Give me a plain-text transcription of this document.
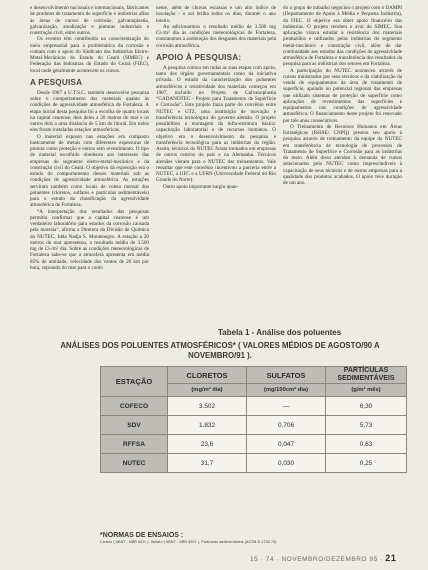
e desenvolvimento nacionais e internacionais, fabricantes de produtos de tratamento de superfície e indústrias afins às áreas de cursos de corrosão, galvanoplastia, galvanização, anodização e pinturas industriais e construção civil, entre outros.

Os eventos têm contribuído na conscientização do meio empresarial para a problemática da corrosão e contam com o apoio do Sindicato das Indústrias Eletro-Metal-Mecânicas do Estado do Ceará (SIMEC) e Federação das Indústrias do Estado do Ceará (FIEC), local onde geralmente acontecem os cursos.

A PESQUISA

Desde 1987 a U.T.S.C. também desenvolve pesquisa sobre o comportamento dos materiais quanto às condições de agressividade atmosférica de Fortaleza. A etapa inicial desta pesquisa foi a escolha de quatro locais na capital cearense, dois deles a 20 metros do mar e os outros dois a uma distância de 5 km do litoral. Em todos eles foram instaladas estações atmosféricas.

O material exposto nas estações era composto basicamente de metais com diferentes espessuras de pintura como proteção e outros sem revestimento. O tipo de material escolhido obedeceu aos interesses das empresas do segmento eletro-metal-mecânico e da construção civil do Ceará. O objetivo da exposição era o estudo do comportamento desses materiais sob as condições de agressividade atmosférica. As estações serviram também como locais de coleta mensal dos poluentes (cloretos, sulfatos e partículas sedimentáveis) para o estudo da classificação da agressividade atmosférica de Fortaleza.

“A interpretação dos resultados das pesquisas permitiu confirmar que a capital cearense é um verdadeiro laboratório para estudos da corrosão causada pela maresia”, afirma a Diretora da Divisão de Química do NUTEC, Idda Nadja S. Montenegro. A estação a 20 metros do mar apresentou, o resultado médio de 3.500 mg de Cl-/m² dia. Sobre as condições meteorológicas de Fortaleza sabe-se que a atmosfera apresenta em média 85% de umidade, velocidade dos ventos de 20 km por hora, soprando do mar para o conti-

nente, além de chuvas escassas e um alto índice de insolação - o sol brilha todos os dias, durante o ano inteiro.

Ao adicionarmos o resultado médio de 3.500 mg Cl-/m² dia às condições meteorológicas de Fortaleza, constatamos a aceleração dos desgastes dos materiais pela corrosão atmosférica.

APOIO À PESQUISA:

A pesquisa contou em todas as suas etapas com apoio, tanto dos órgãos governamentais como da iniciativa privada. O estudo da caracterização dos poluentes atmosféricos e resistividade dos materiais começou em 1987, incluído no Projeto de Galvanoplastia “GADANOTEC - Projeto para Tratamento de Superfície e Corrosão”. Este projeto fazia parte do convênio entre NUTEC e GTZ, uma instituição de inovação e transferência tecnológica do governo alemão. O projeto possibilitou a montagem da infra-estrutura básica: capacitação laboratorial e de recursos humanos. O objetivo era o desenvolvimento da pesquisa e transferência tecnológica para as indústrias da região. Assim, técnicos do NUTEC foram treinados em empresas de outros centros do país e na Alemanha. Técnicos alemães vieram para o NUTEC dar treinamentos. Vale ressaltar que este convênio incentivou a parceria entre a NUTEC, a UFC e a UFRN (Universidade Federal do Rio Grande do Norte).

Outro apoio importante surgiu quan-

do o grupo de trabalho negociou o projeto com o DAMPI (Departamento de Apoio à Média e Pequena Indústria), da FIEC. O objetivo era obter apoio financeiro das indústrias. O projeto recebeu o aval do SIMEC. Sua aplicação visava estudar a resistência dos materiais produzidos e utilizados pelas indústrias do segmento metal-mecânico e construção civil, além de dar continuidade aos estudos das condições de agressividade atmosférica de Fortaleza e transferência dos resultados da pesquisa para as indústrias dos setores em Fortaleza.

A participação do NUTEC aconteceu através de cursos ministrados por seus técnicos e da viabilização da venda de equipamentos da área de tratamento de superfície, apoiado no potencial regional das empresas que utilizam sistemas de proteção de superfície como aplicações de revestimentos das superfícies e equipamentos nas condições de agressividade atmosférica. O financiamento deste projeto foi renovado por três anos consecutivos.

O Treinamento de Recursos Humanos em Áreas Estratégicas (RHAE/ CNPQ) prestou seu apoio à pesquisa através de treinamento da equipe do NUTEC em transferência de tecnologia de processos de Tratamento de Superfície e Corrosão para as indústrias do meio. Além disso atendeu à demanda de cursos selecionados pelo NUTEC como imprescindíveis à capacitação de seus técnicos e de outras empresas para a qualidade dos produtos acabados. O apoio teve duração de um ano.

Tabela 1 - Análise dos poluentes
ANÁLISES DOS POLUENTES ATMOSFÉRICOS* ( VALORES MÉDIOS DE AGOSTO/90 A NOVEMBRO/91 ).
ESTAÇÃO	CLORETOS	SULFATOS	PARTÍCULAS SEDIMENTÁVEIS
	(mg/m² dia)	(mg/100cm² dia)	(g/m² mês)
COFECO	3.502	—	6,30
SDV	1.832	0,706	5,73
RFFSA	23,6	0,047	0,63
NUTEC	31,7	0,030	0,25
*NORMAS DE ENSAIOS :
Cloreto ( ABNT - NBR 6211 ), Sulfato ( ABNT - NBR 6921 ), Partículas sedimentáveis (ASTM D 1739-70)
15 · 74 · NOVEMBRO/DEZEMBRO 95 · 21
